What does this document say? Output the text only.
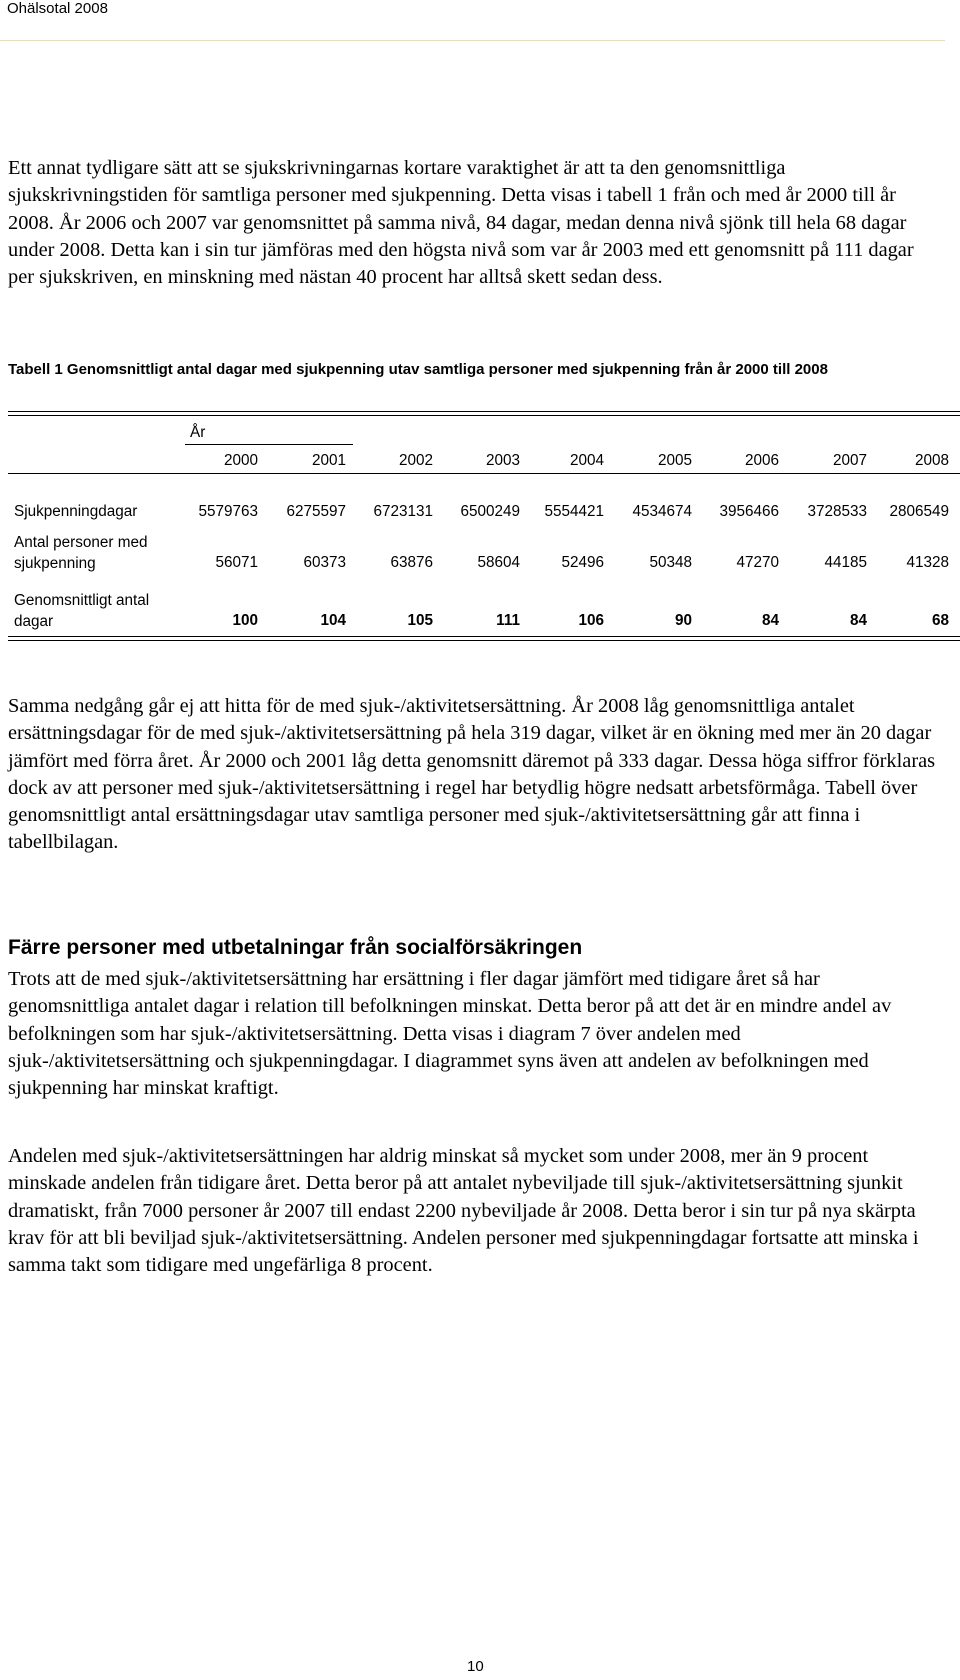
Ohälsotal 2008

Ett annat tydligare sätt att se sjukskrivningarnas kortare varaktighet är att ta den genomsnittliga sjukskrivningstiden för samtliga personer med sjukpenning. Detta visas i tabell 1 från och med år 2000 till år 2008. År 2006 och 2007 var genomsnittet på samma nivå, 84 dagar, medan denna nivå sjönk till hela 68 dagar under 2008. Detta kan i sin tur jämföras med den högsta nivå som var år 2003 med ett genomsnitt på 111 dagar per sjukskriven, en minskning med nästan 40 procent har alltså skett sedan dess.

Tabell 1 Genomsnittligt antal dagar med sjukpenning utav samtliga personer med sjukpenning från år 2000 till 2008

År
2000	2001	2002	2003	2004	2005	2006	2007	2008
Sjukpenningdagar	5579763	6275597	6723131	6500249	5554421	4534674	3956466	3728533	2806549
Antal personer med sjukpenning	56071	60373	63876	58604	52496	50348	47270	44185	41328
Genomsnittligt antal dagar	100	104	105	111	106	90	84	84	68

Samma nedgång går ej att hitta för de med sjuk-/aktivitetsersättning. År 2008 låg genomsnittliga antalet ersättningsdagar för de med sjuk-/aktivitetsersättning på hela 319 dagar, vilket är en ökning med mer än 20 dagar jämfört med förra året. År 2000 och 2001 låg detta genomsnitt däremot på 333 dagar. Dessa höga siffror förklaras dock av att personer med sjuk-/aktivitetsersättning i regel har betydlig högre nedsatt arbetsförmåga. Tabell över genomsnittligt antal ersättningsdagar utav samtliga personer med sjuk-/aktivitetsersättning går att finna i tabellbilagan.

Färre personer med utbetalningar från socialförsäkringen

Trots att de med sjuk-/aktivitetsersättning har ersättning i fler dagar jämfört med tidigare året så har genomsnittliga antalet dagar i relation till befolkningen minskat. Detta beror på att det är en mindre andel av befolkningen som har sjuk-/aktivitetsersättning. Detta visas i diagram 7 över andelen med sjuk-/aktivitetsersättning och sjukpenningdagar. I diagrammet syns även att andelen av befolkningen med sjukpenning har minskat kraftigt.

Andelen med sjuk-/aktivitetsersättningen har aldrig minskat så mycket som under 2008, mer än 9 procent minskade andelen från tidigare året. Detta beror på att antalet nybeviljade till sjuk-/aktivitetsersättning sjunkit dramatiskt, från 7000 personer år 2007 till endast 2200 nybeviljade år 2008. Detta beror i sin tur på nya skärpta krav för att bli beviljad sjuk-/aktivitetsersättning. Andelen personer med sjukpenningdagar fortsatte att minska i samma takt som tidigare med ungefärliga 8 procent.

10
